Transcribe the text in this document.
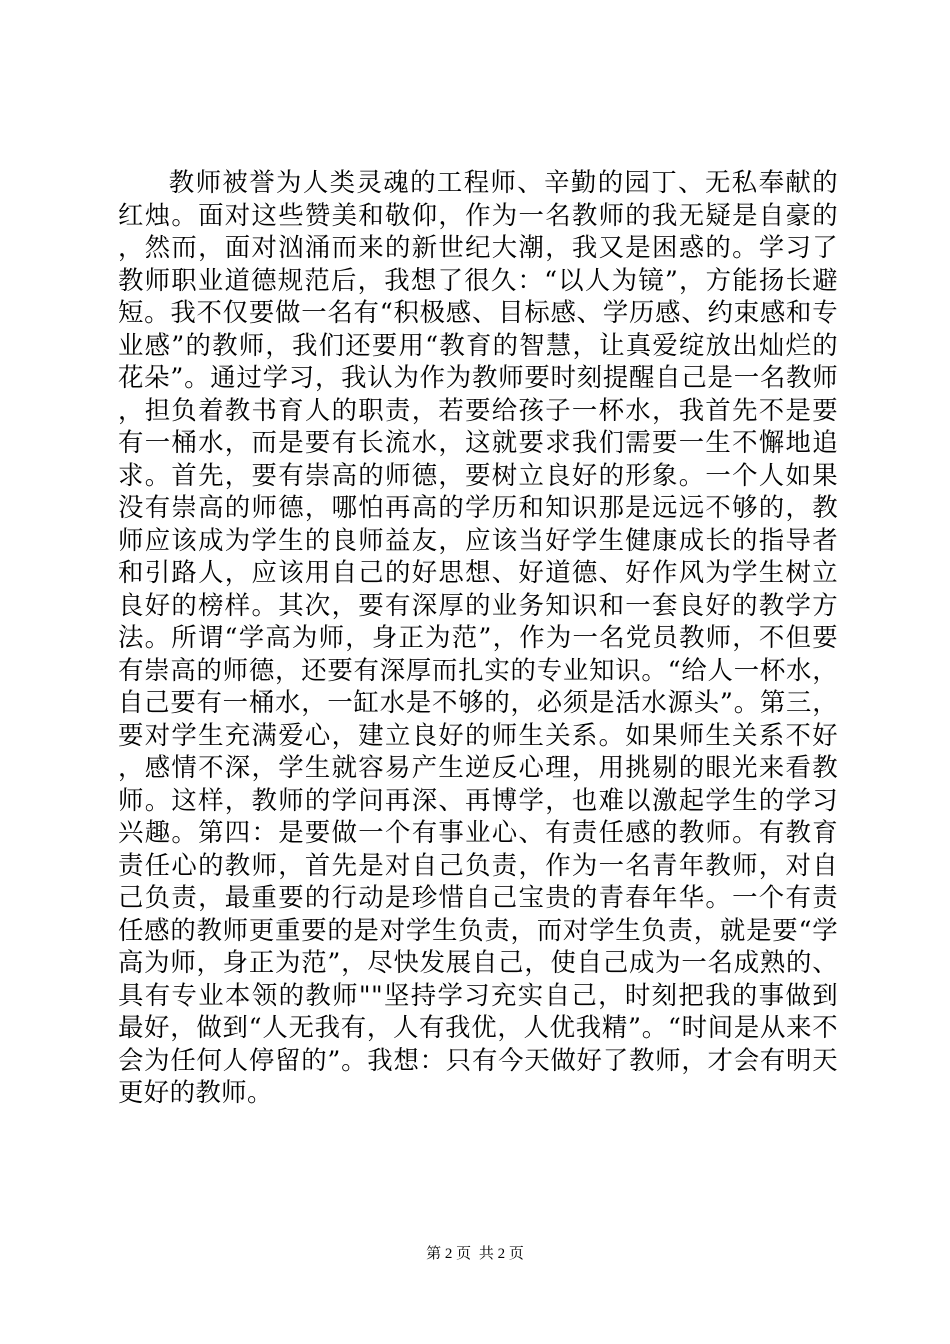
教师被誉为人类灵魂的工程师、辛勤的园丁、无私奉献的红烛。面对这些赞美和敬仰，作为一名教师的我无疑是自豪的，然而，面对汹涌而来的新世纪大潮，我又是困惑的。学习了教师职业道德规范后，我想了很久：“以人为镜”，方能扬长避短。我不仅要做一名有“积极感、目标感、学历感、约束感和专业感”的教师，我们还要用“教育的智慧，让真爱绽放出灿烂的花朵”。通过学习，我认为作为教师要时刻提醒自己是一名教师，担负着教书育人的职责，若要给孩子一杯水，我首先不是要有一桶水，而是要有长流水，这就要求我们需要一生不懈地追求。首先，要有崇高的师德，要树立良好的形象。一个人如果没有崇高的师德，哪怕再高的学历和知识那是远远不够的，教师应该成为学生的良师益友，应该当好学生健康成长的指导者和引路人，应该用自己的好思想、好道德、好作风为学生树立良好的榜样。其次，要有深厚的业务知识和一套良好的教学方法。所谓“学高为师，身正为范”，作为一名党员教师，不但要有崇高的师德，还要有深厚而扎实的专业知识。“给人一杯水，自己要有一桶水，一缸水是不够的，必须是活水源头”。第三，要对学生充满爱心，建立良好的师生关系。如果师生关系不好，感情不深，学生就容易产生逆反心理，用挑剔的眼光来看教师。这样，教师的学问再深、再博学，也难以激起学生的学习兴趣。第四：是要做一个有事业心、有责任感的教师。有教育责任心的教师，首先是对自己负责，作为一名青年教师，对自己负责，最重要的行动是珍惜自己宝贵的青春年华。一个有责任感的教师更重要的是对学生负责，而对学生负责，就是要“学高为师，身正为范”，尽快发展自己，使自己成为一名成熟的、具有专业本领的教师""坚持学习充实自己，时刻把我的事做到最好，做到“人无我有，人有我优，人优我精”。“时间是从来不会为任何人停留的”。我想：只有今天做好了教师，才会有明天更好的教师。

第 2 页 共 2 页
